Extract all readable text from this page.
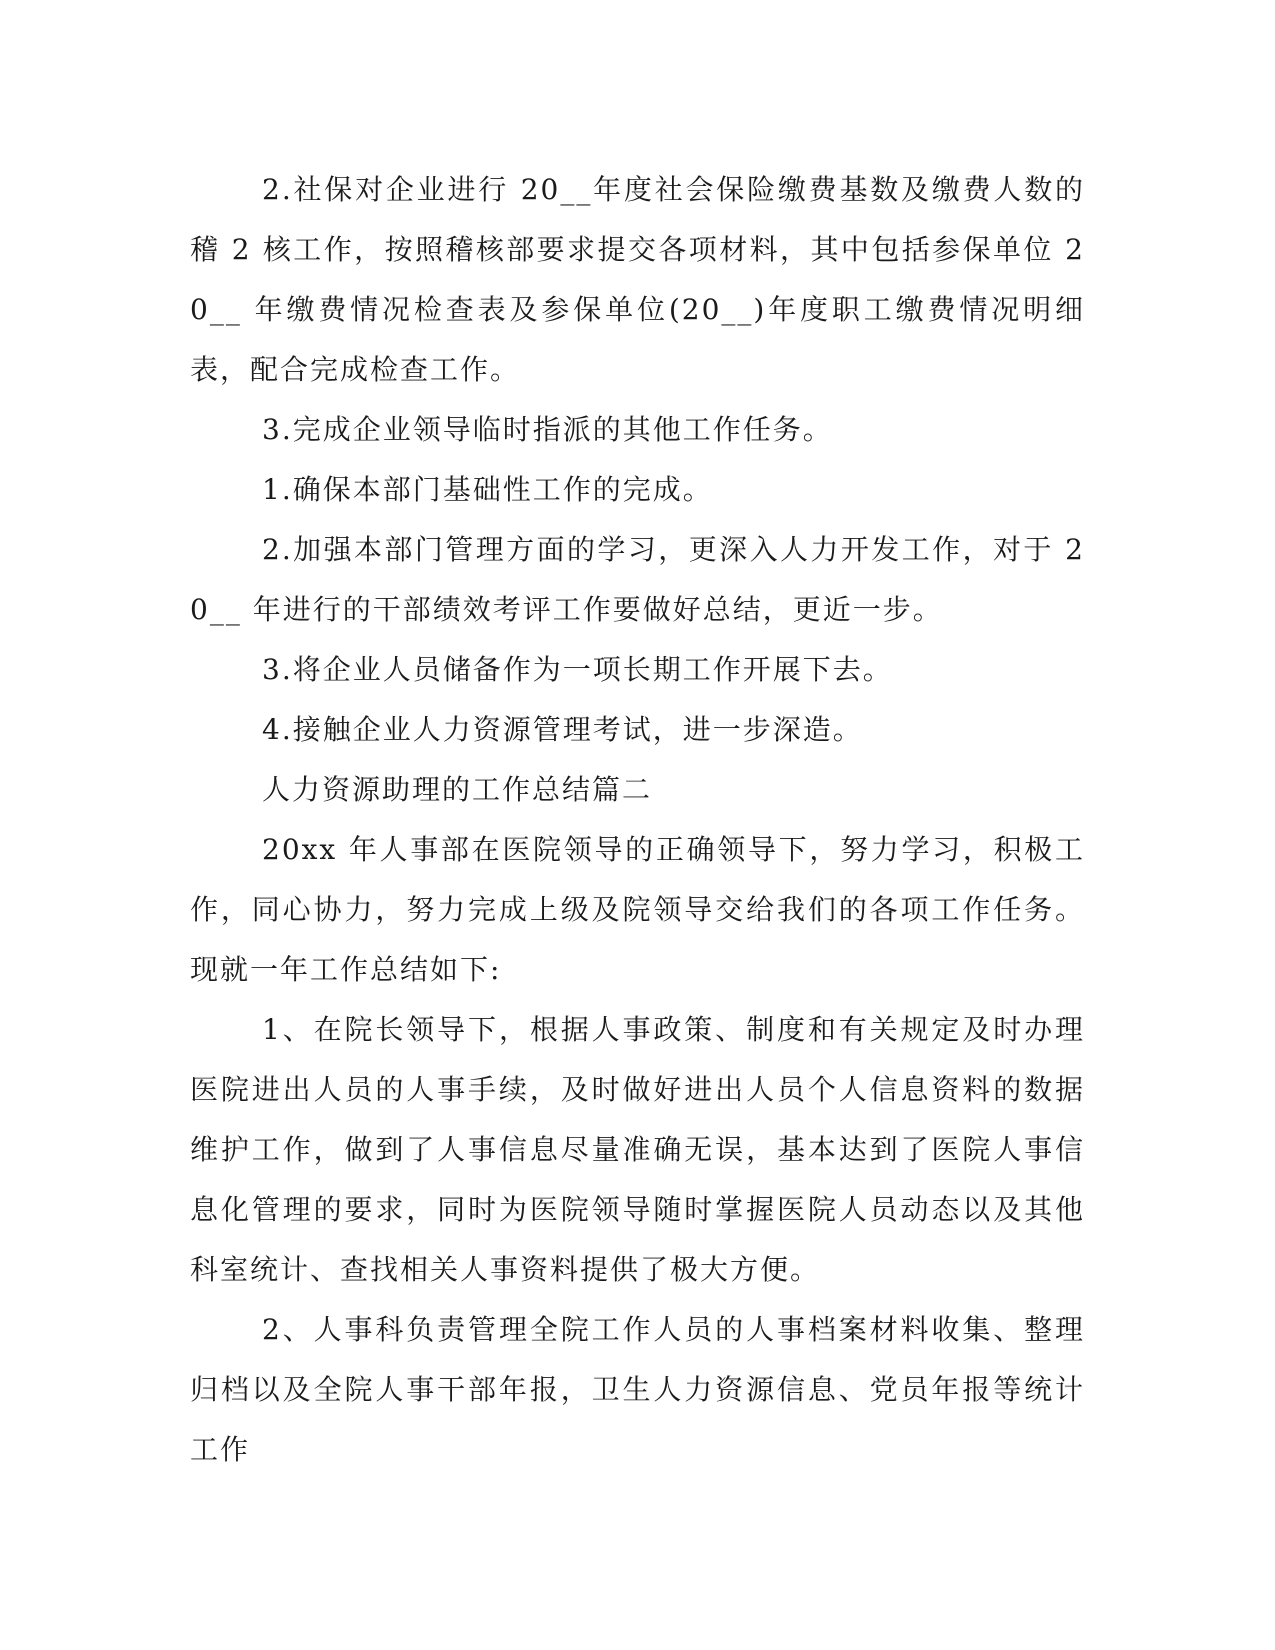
2.社保对企业进行 20__年度社会保险缴费基数及缴费人数的稽 2 核工作，按照稽核部要求提交各项材料，其中包括参保单位 20__ 年缴费情况检查表及参保单位(20__)年度职工缴费情况明细表，配合完成检查工作。

3.完成企业领导临时指派的其他工作任务。

1.确保本部门基础性工作的完成。

2.加强本部门管理方面的学习，更深入人力开发工作，对于 20__ 年进行的干部绩效考评工作要做好总结，更近一步。

3.将企业人员储备作为一项长期工作开展下去。

4.接触企业人力资源管理考试，进一步深造。

人力资源助理的工作总结篇二

20xx 年人事部在医院领导的正确领导下，努力学习，积极工作，同心协力，努力完成上级及院领导交给我们的各项工作任务。现就一年工作总结如下:

1、在院长领导下，根据人事政策、制度和有关规定及时办理医院进出人员的人事手续，及时做好进出人员个人信息资料的数据维护工作，做到了人事信息尽量准确无误，基本达到了医院人事信息化管理的要求，同时为医院领导随时掌握医院人员动态以及其他科室统计、查找相关人事资料提供了极大方便。

2、人事科负责管理全院工作人员的人事档案材料收集、整理归档以及全院人事干部年报，卫生人力资源信息、党员年报等统计工作
